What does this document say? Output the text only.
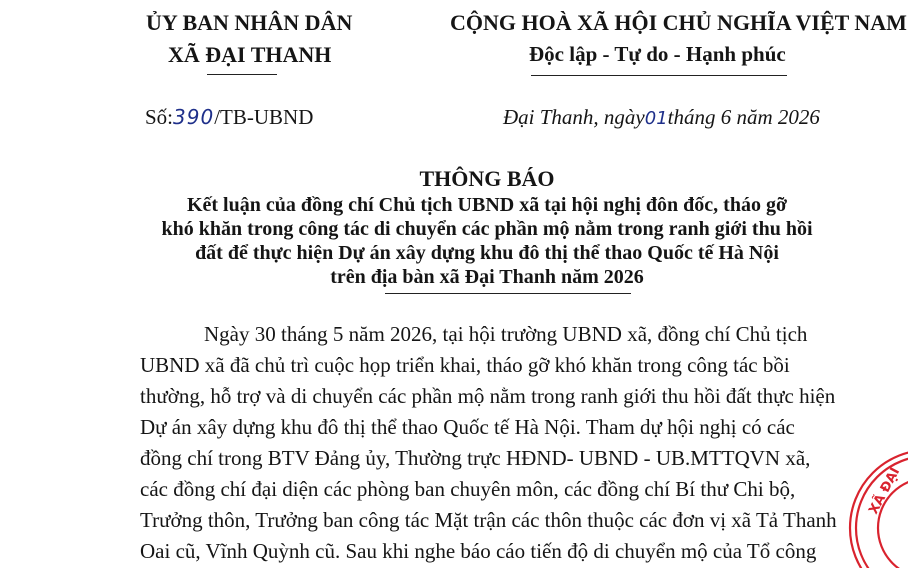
ỦY BAN NHÂN DÂN
XÃ ĐẠI THANH
CỘNG HOÀ XÃ HỘI CHỦ NGHĨA VIỆT NAM
Độc lập - Tự do - Hạnh phúc
Số:390/TB-UBND	Đại Thanh, ngày01tháng 6 năm 2026
THÔNG BÁO
Kết luận của đồng chí Chủ tịch UBND xã tại hội nghị đôn đốc, tháo gỡ
khó khăn trong công tác di chuyển các phần mộ nằm trong ranh giới thu hồi
đất để thực hiện Dự án xây dựng khu đô thị thể thao Quốc tế Hà Nội
trên địa bàn xã Đại Thanh năm 2026
Ngày 30 tháng 5 năm 2026, tại hội trường UBND xã, đồng chí Chủ tịch
UBND xã đã chủ trì cuộc họp triển khai, tháo gỡ khó khăn trong công tác bồi
thường, hỗ trợ và di chuyển các phần mộ nằm trong ranh giới thu hồi đất thực hiện
Dự án xây dựng khu đô thị thể thao Quốc tế Hà Nội. Tham dự hội nghị có các
đồng chí trong BTV Đảng ủy, Thường trực HĐND- UBND - UB.MTTQVN xã,
các đồng chí đại diện các phòng ban chuyên môn, các đồng chí Bí thư Chi bộ,
Trưởng thôn, Trưởng ban công tác Mặt trận các thôn thuộc các đơn vị xã Tả Thanh
Oai cũ, Vĩnh Quỳnh cũ. Sau khi nghe báo cáo tiến độ di chuyển mộ của Tổ công
XÃ ĐẠI
